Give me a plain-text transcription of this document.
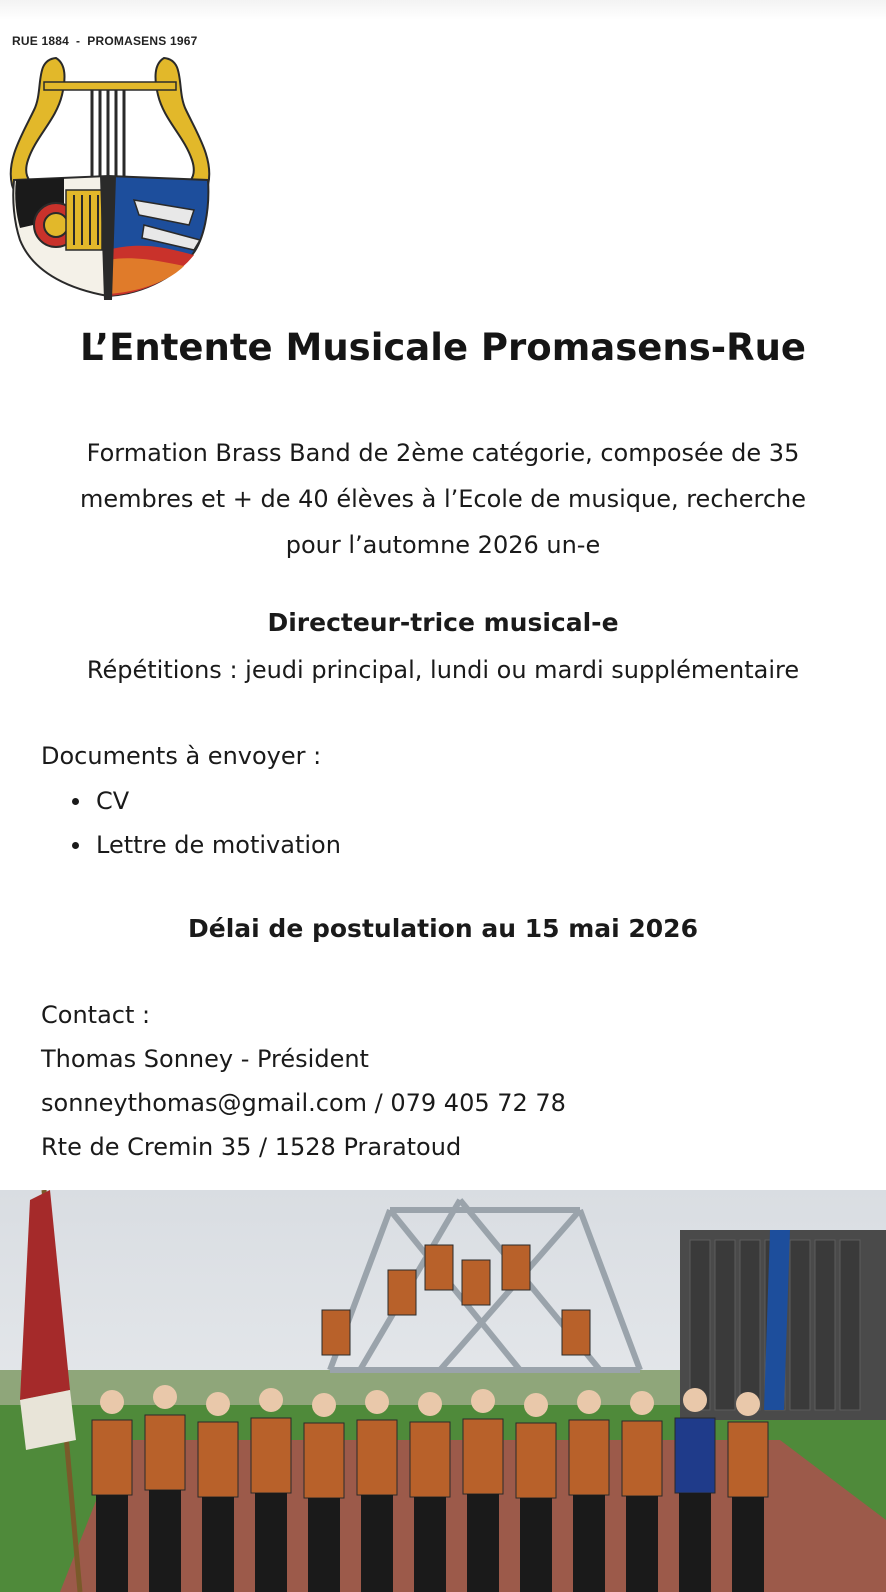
RUE 1884  -  PROMASENS 1967
L’Entente Musicale Promasens-Rue
Formation Brass Band de 2ème catégorie, composée de 35
membres et + de 40 élèves à l’Ecole de musique, recherche
pour l’automne 2026 un-e
Directeur-trice musical-e

Répétitions : jeudi principal, lundi ou mardi supplémentaire

Documents à envoyer :

CV
Lettre de motivation
Délai de postulation au 15 mai 2026
Contact :
Thomas Sonney - Président
sonneythomas@gmail.com / 079 405 72 78
Rte de Cremin 35 / 1528 Praratoud
